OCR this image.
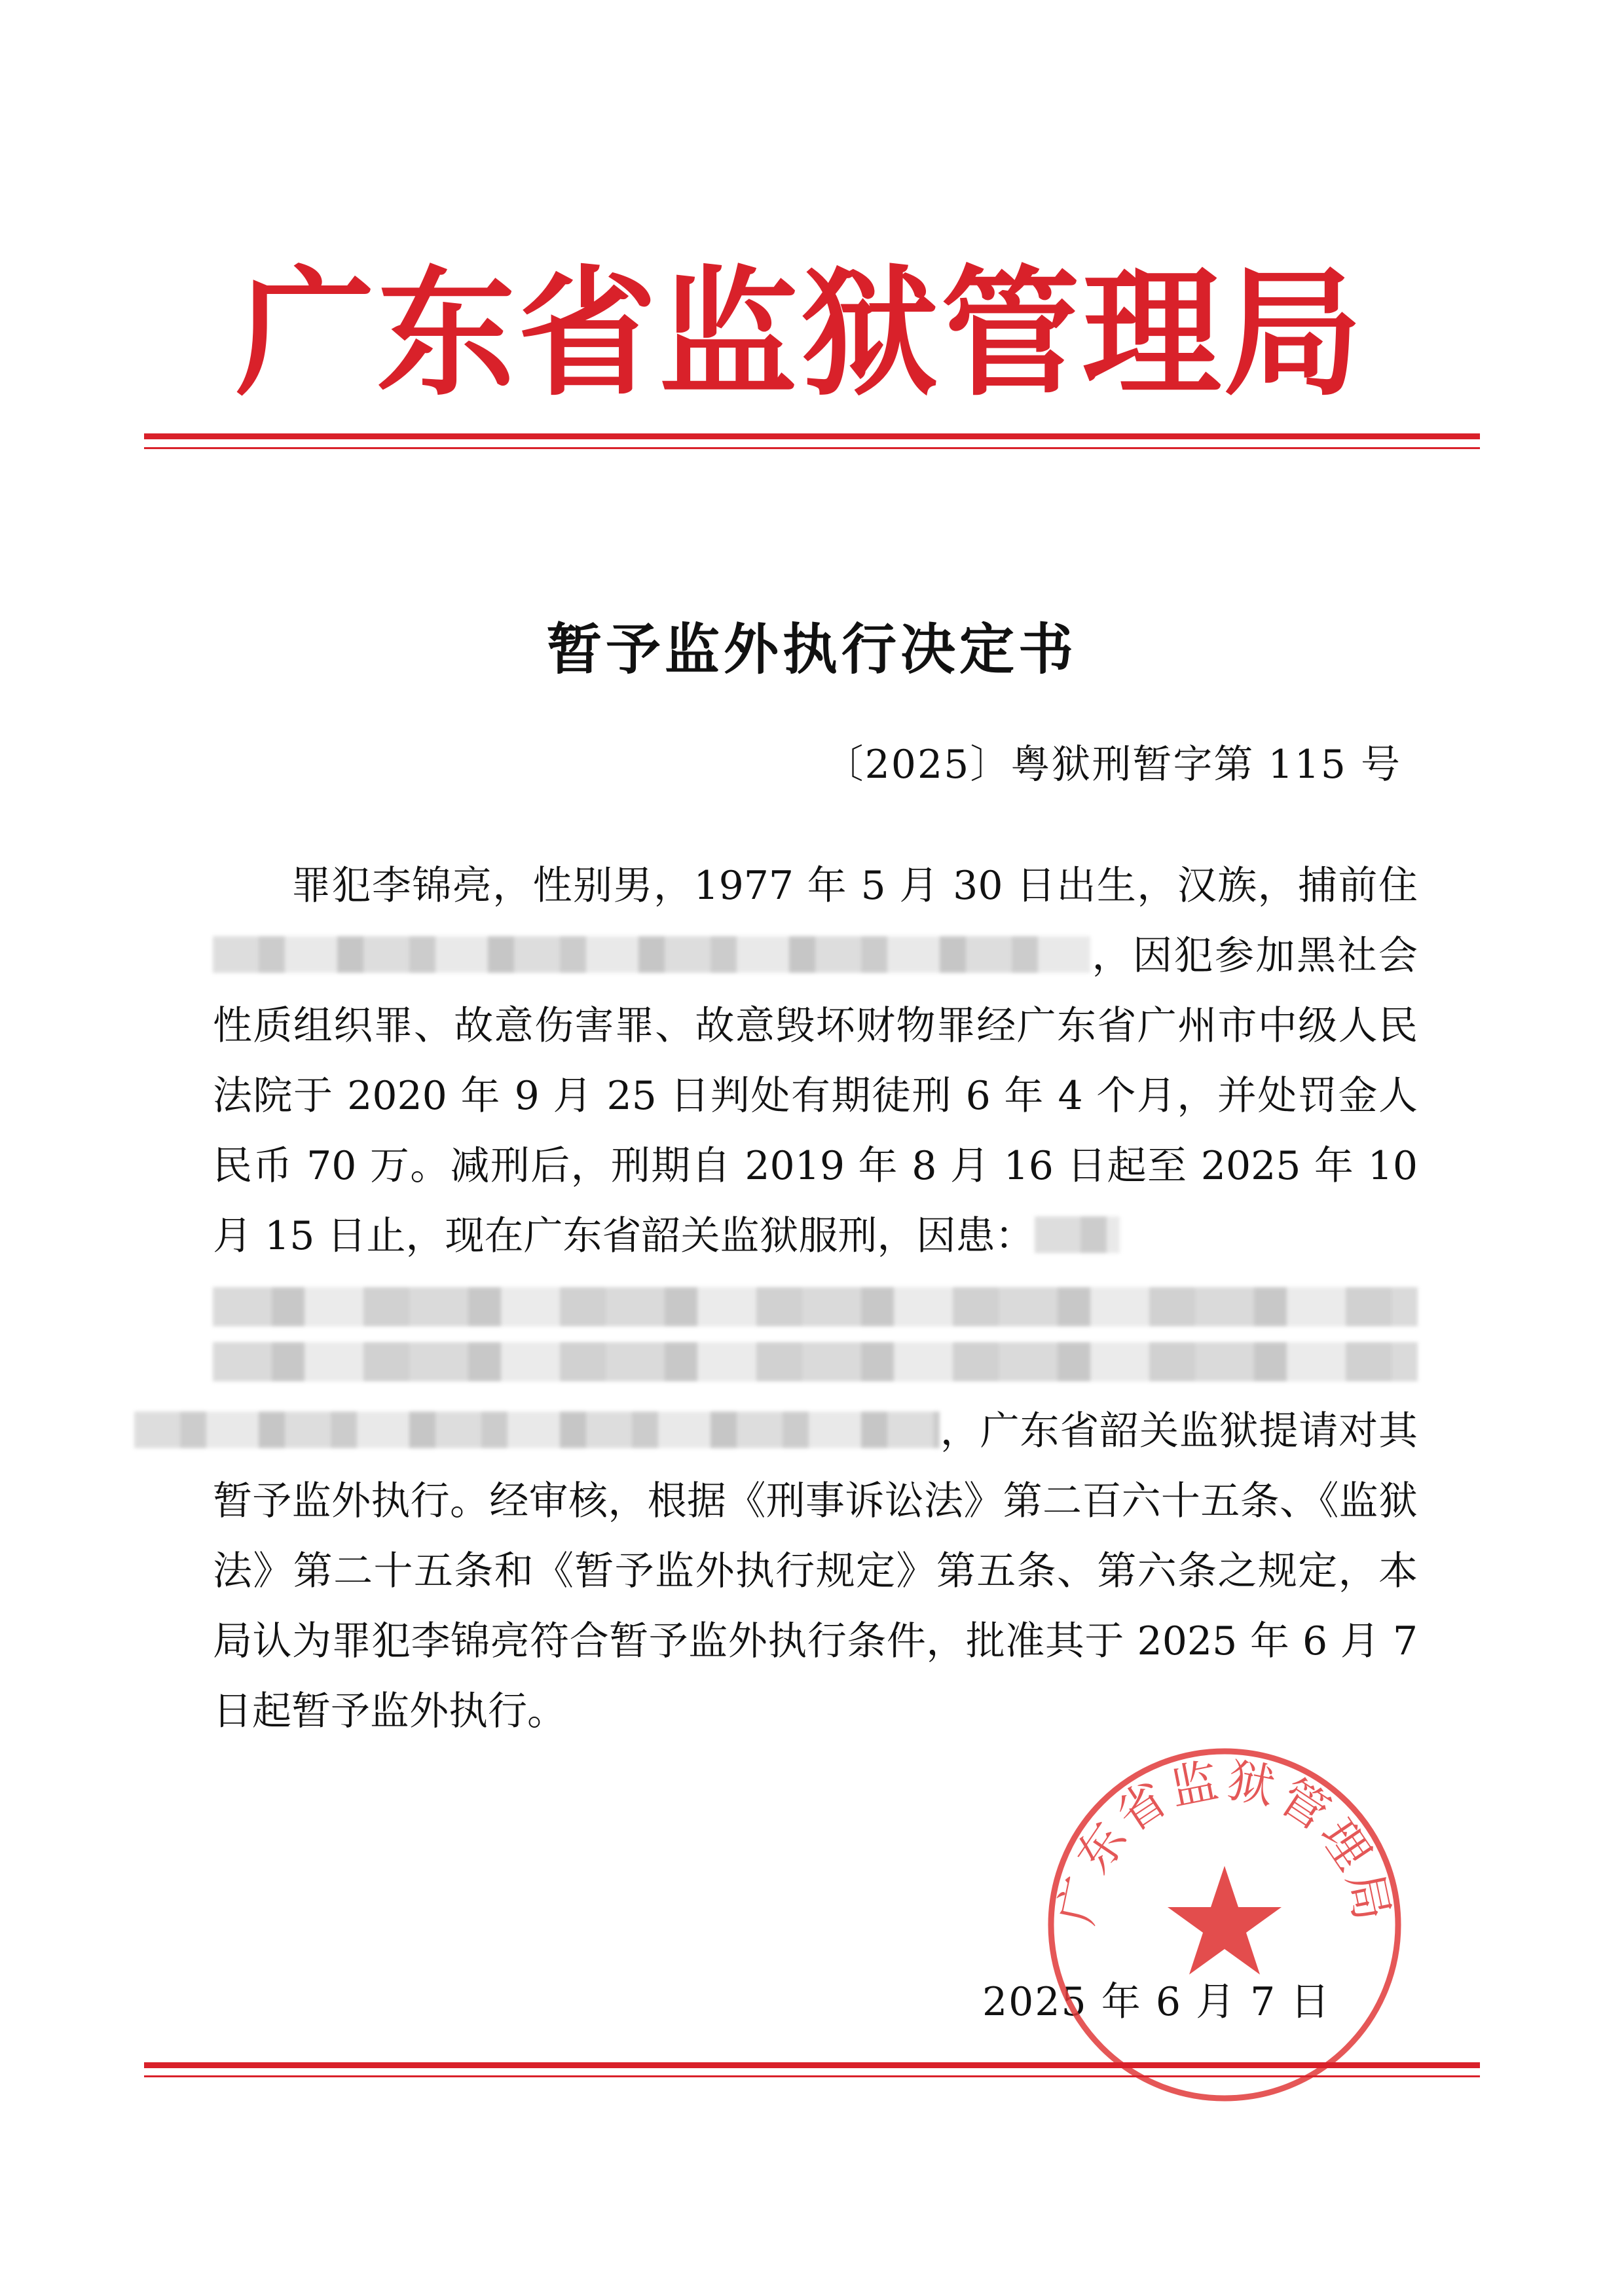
广 东 省 监 狱 管 理 局
暂予监外执行决定书
〔2025〕粤狱刑暂字第 115 号

罪犯李锦亮，性别男，1977 年 5 月 30 日出生，汉族，捕前住，因犯参加黑社会性质组织罪、故意伤害罪、故意毁坏财物罪经广东省广州市中级人民法院于 2020 年 9 月 25 日判处有期徒刑 6 年 4 个月，并处罚金人民币 70 万。减刑后，刑期自 2019 年 8 月 16 日起至 2025 年 10 月 15 日止，现在广东省韶关监狱服刑，因患：
，广东省韶关监狱提请对其暂予监外执行。经审核，根据《刑事诉讼法》第二百六十五条、《监狱法》第二十五条和《暂予监外执行规定》第五条、第六条之规定，本局认为罪犯李锦亮符合暂予监外执行条件，批准其于 2025 年 6 月 7 日起暂予监外执行。

2025 年 6 月 7 日
广东省监狱管理局
